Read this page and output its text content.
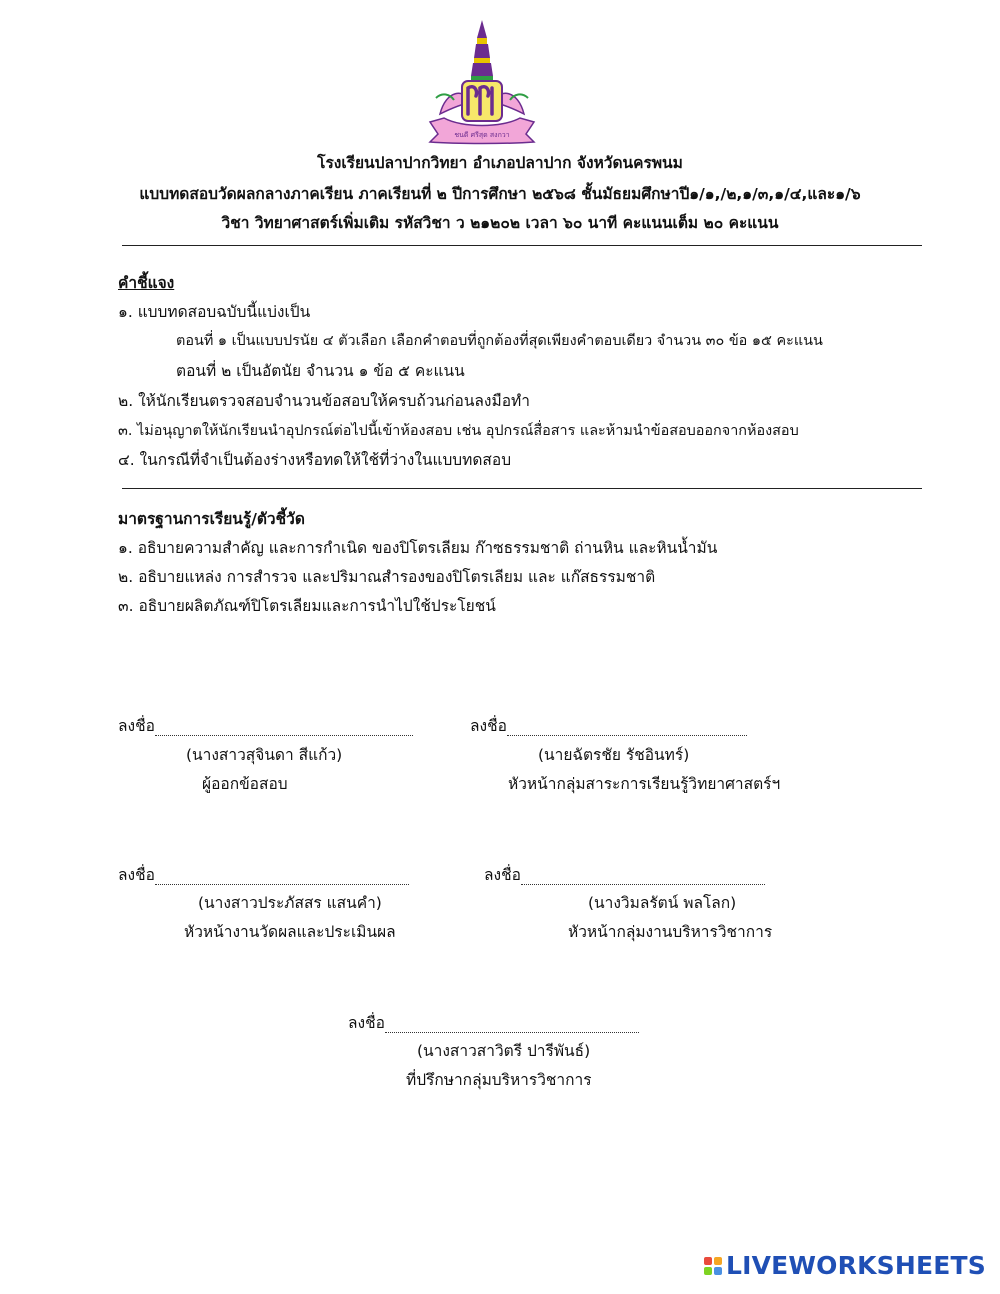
ชนดี ศรีสุด สงกวา
โรงเรียนปลาปากวิทยา อำเภอปลาปาก จังหวัดนครพนม
แบบทดสอบวัดผลกลางภาคเรียน ภาคเรียนที่ ๒ ปีการศึกษา ๒๕๖๘ ชั้นมัธยมศึกษาปี๑/๑,/๒,๑/๓,๑/๔,และ๑/๖
วิชา วิทยาศาสตร์เพิ่มเติม รหัสวิชา ว ๒๑๒๐๒ เวลา ๖๐ นาที คะแนนเต็ม ๒๐ คะแนน
คำชี้แจง
๑. แบบทดสอบฉบับนี้แบ่งเป็น
ตอนที่ ๑ เป็นแบบปรนัย ๔ ตัวเลือก เลือกคำตอบที่ถูกต้องที่สุดเพียงคำตอบเดียว จำนวน ๓๐ ข้อ ๑๕ คะแนน
ตอนที่ ๒ เป็นอัตนัย จำนวน ๑ ข้อ ๕ คะแนน
๒. ให้นักเรียนตรวจสอบจำนวนข้อสอบให้ครบถ้วนก่อนลงมือทำ
๓. ไม่อนุญาตให้นักเรียนนำอุปกรณ์ต่อไปนี้เข้าห้องสอบ เช่น อุปกรณ์สื่อสาร และห้ามนำข้อสอบออกจากห้องสอบ
๔. ในกรณีที่จำเป็นต้องร่างหรือทดให้ใช้ที่ว่างในแบบทดสอบ
มาตรฐานการเรียนรู้/ตัวชี้วัด
๑. อธิบายความสำคัญ และการกำเนิด ของปิโตรเลียม ก๊าซธรรมชาติ ถ่านหิน และหินน้ำมัน
๒. อธิบายแหล่ง การสำรวจ และปริมาณสำรองของปิโตรเลียม และ แก๊สธรรมชาติ
๓. อธิบายผลิตภัณฑ์ปิโตรเลียมและการนำไปใช้ประโยชน์
ลงชื่อ
(นางสาวสุจินดา สีแก้ว)
ผู้ออกข้อสอบ
ลงชื่อ
(นายฉัตรชัย รัชอินทร์)
หัวหน้ากลุ่มสาระการเรียนรู้วิทยาศาสตร์ฯ
ลงชื่อ
(นางสาวประภัสสร แสนคำ)
หัวหน้างานวัดผลและประเมินผล
ลงชื่อ
(นางวิมลรัตน์ พลโลก)
หัวหน้ากลุ่มงานบริหารวิชาการ
ลงชื่อ
(นางสาวสาวิตรี ปารีพันธ์)
ที่ปรึกษากลุ่มบริหารวิชาการ
LIVEWORKSHEETS
